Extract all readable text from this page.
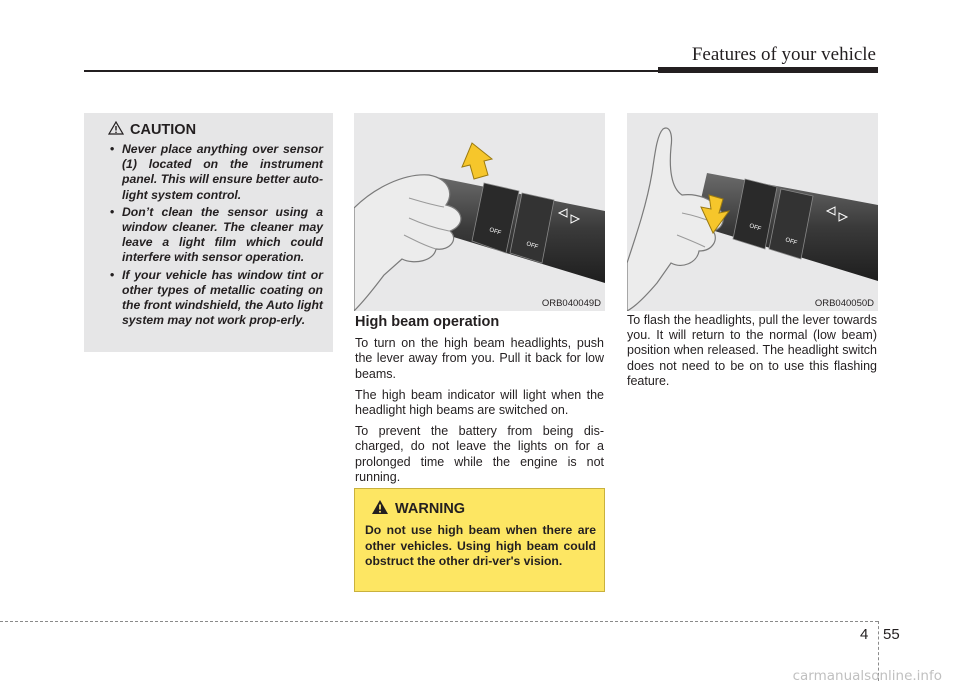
Features of your vehicle
CAUTION
• Never place anything over sensor (1) located on the instrument panel. This will ensure better auto-light system control.
• Don’t clean the sensor using a window cleaner. The cleaner may leave a light film which could interfere with sensor operation.
• If your vehicle has window tint or other types of metallic coating on the front windshield, the Auto light system may not work prop-erly.
OFF
OFF
ORB040049D
OFF
OFF
ORB040050D
High beam operation

To turn on the high beam headlights, push the lever away from you. Pull it back for low beams.

The high beam indicator will light when the headlight high beams are switched on.

To prevent the battery from being dis-charged, do not leave the lights on for a prolonged time while the engine is not running.

To flash the headlights, pull the lever towards you. It will return to the normal (low beam) position when released. The headlight switch does not need to be on to use this flashing feature.

WARNING
Do not use high beam when there are other vehicles. Using high beam could obstruct the other dri-ver's vision.
4 55
carmanualsonline.info
